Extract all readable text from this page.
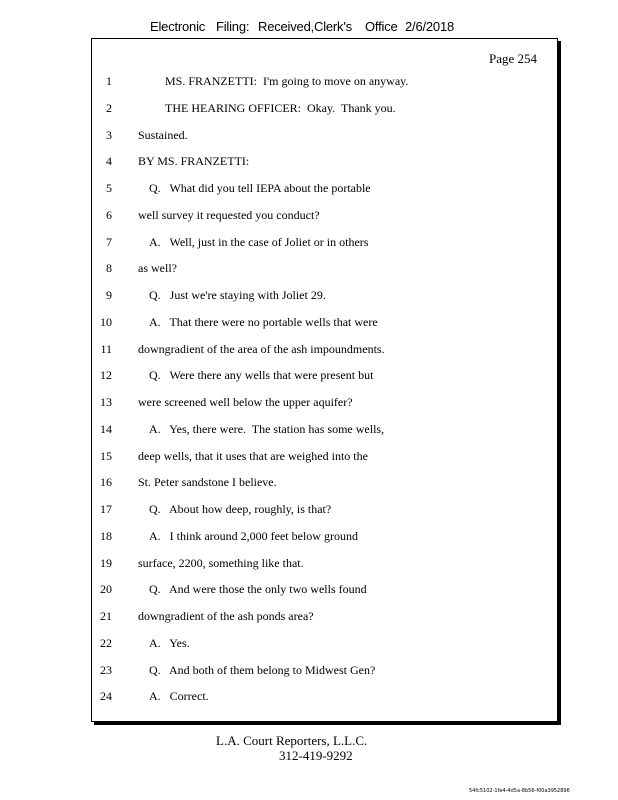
Electronic Filing: Received,Clerk's Office 2/6/2018
Page 254
1	MS. FRANZETTI:  I'm going to move on anyway.
2	THE HEARING OFFICER:  Okay.  Thank you.
3 Sustained.
4 BY MS. FRANZETTI:
5	Q.   What did you tell IEPA about the portable
6 well survey it requested you conduct?
7	A.   Well, just in the case of Joliet or in others
8 as well?
9	Q.   Just we're staying with Joliet 29.
10	A.   That there were no portable wells that were
11 downgradient of the area of the ash impoundments.
12	Q.   Were there any wells that were present but
13 were screened well below the upper aquifer?
14	A.   Yes, there were.  The station has some wells,
15 deep wells, that it uses that are weighed into the
16 St. Peter sandstone I believe.
17	Q.   About how deep, roughly, is that?
18	A.   I think around 2,000 feet below ground
19 surface, 2200, something like that.
20	Q.   And were those the only two wells found
21 downgradient of the ash ponds area?
22	A.   Yes.
23	Q.   And both of them belong to Midwest Gen?
24	A.   Correct.
L.A. Court Reporters, L.L.C.
312-419-9292
54fc5102-1fe4-4d5a-8b56-f00a3952896
